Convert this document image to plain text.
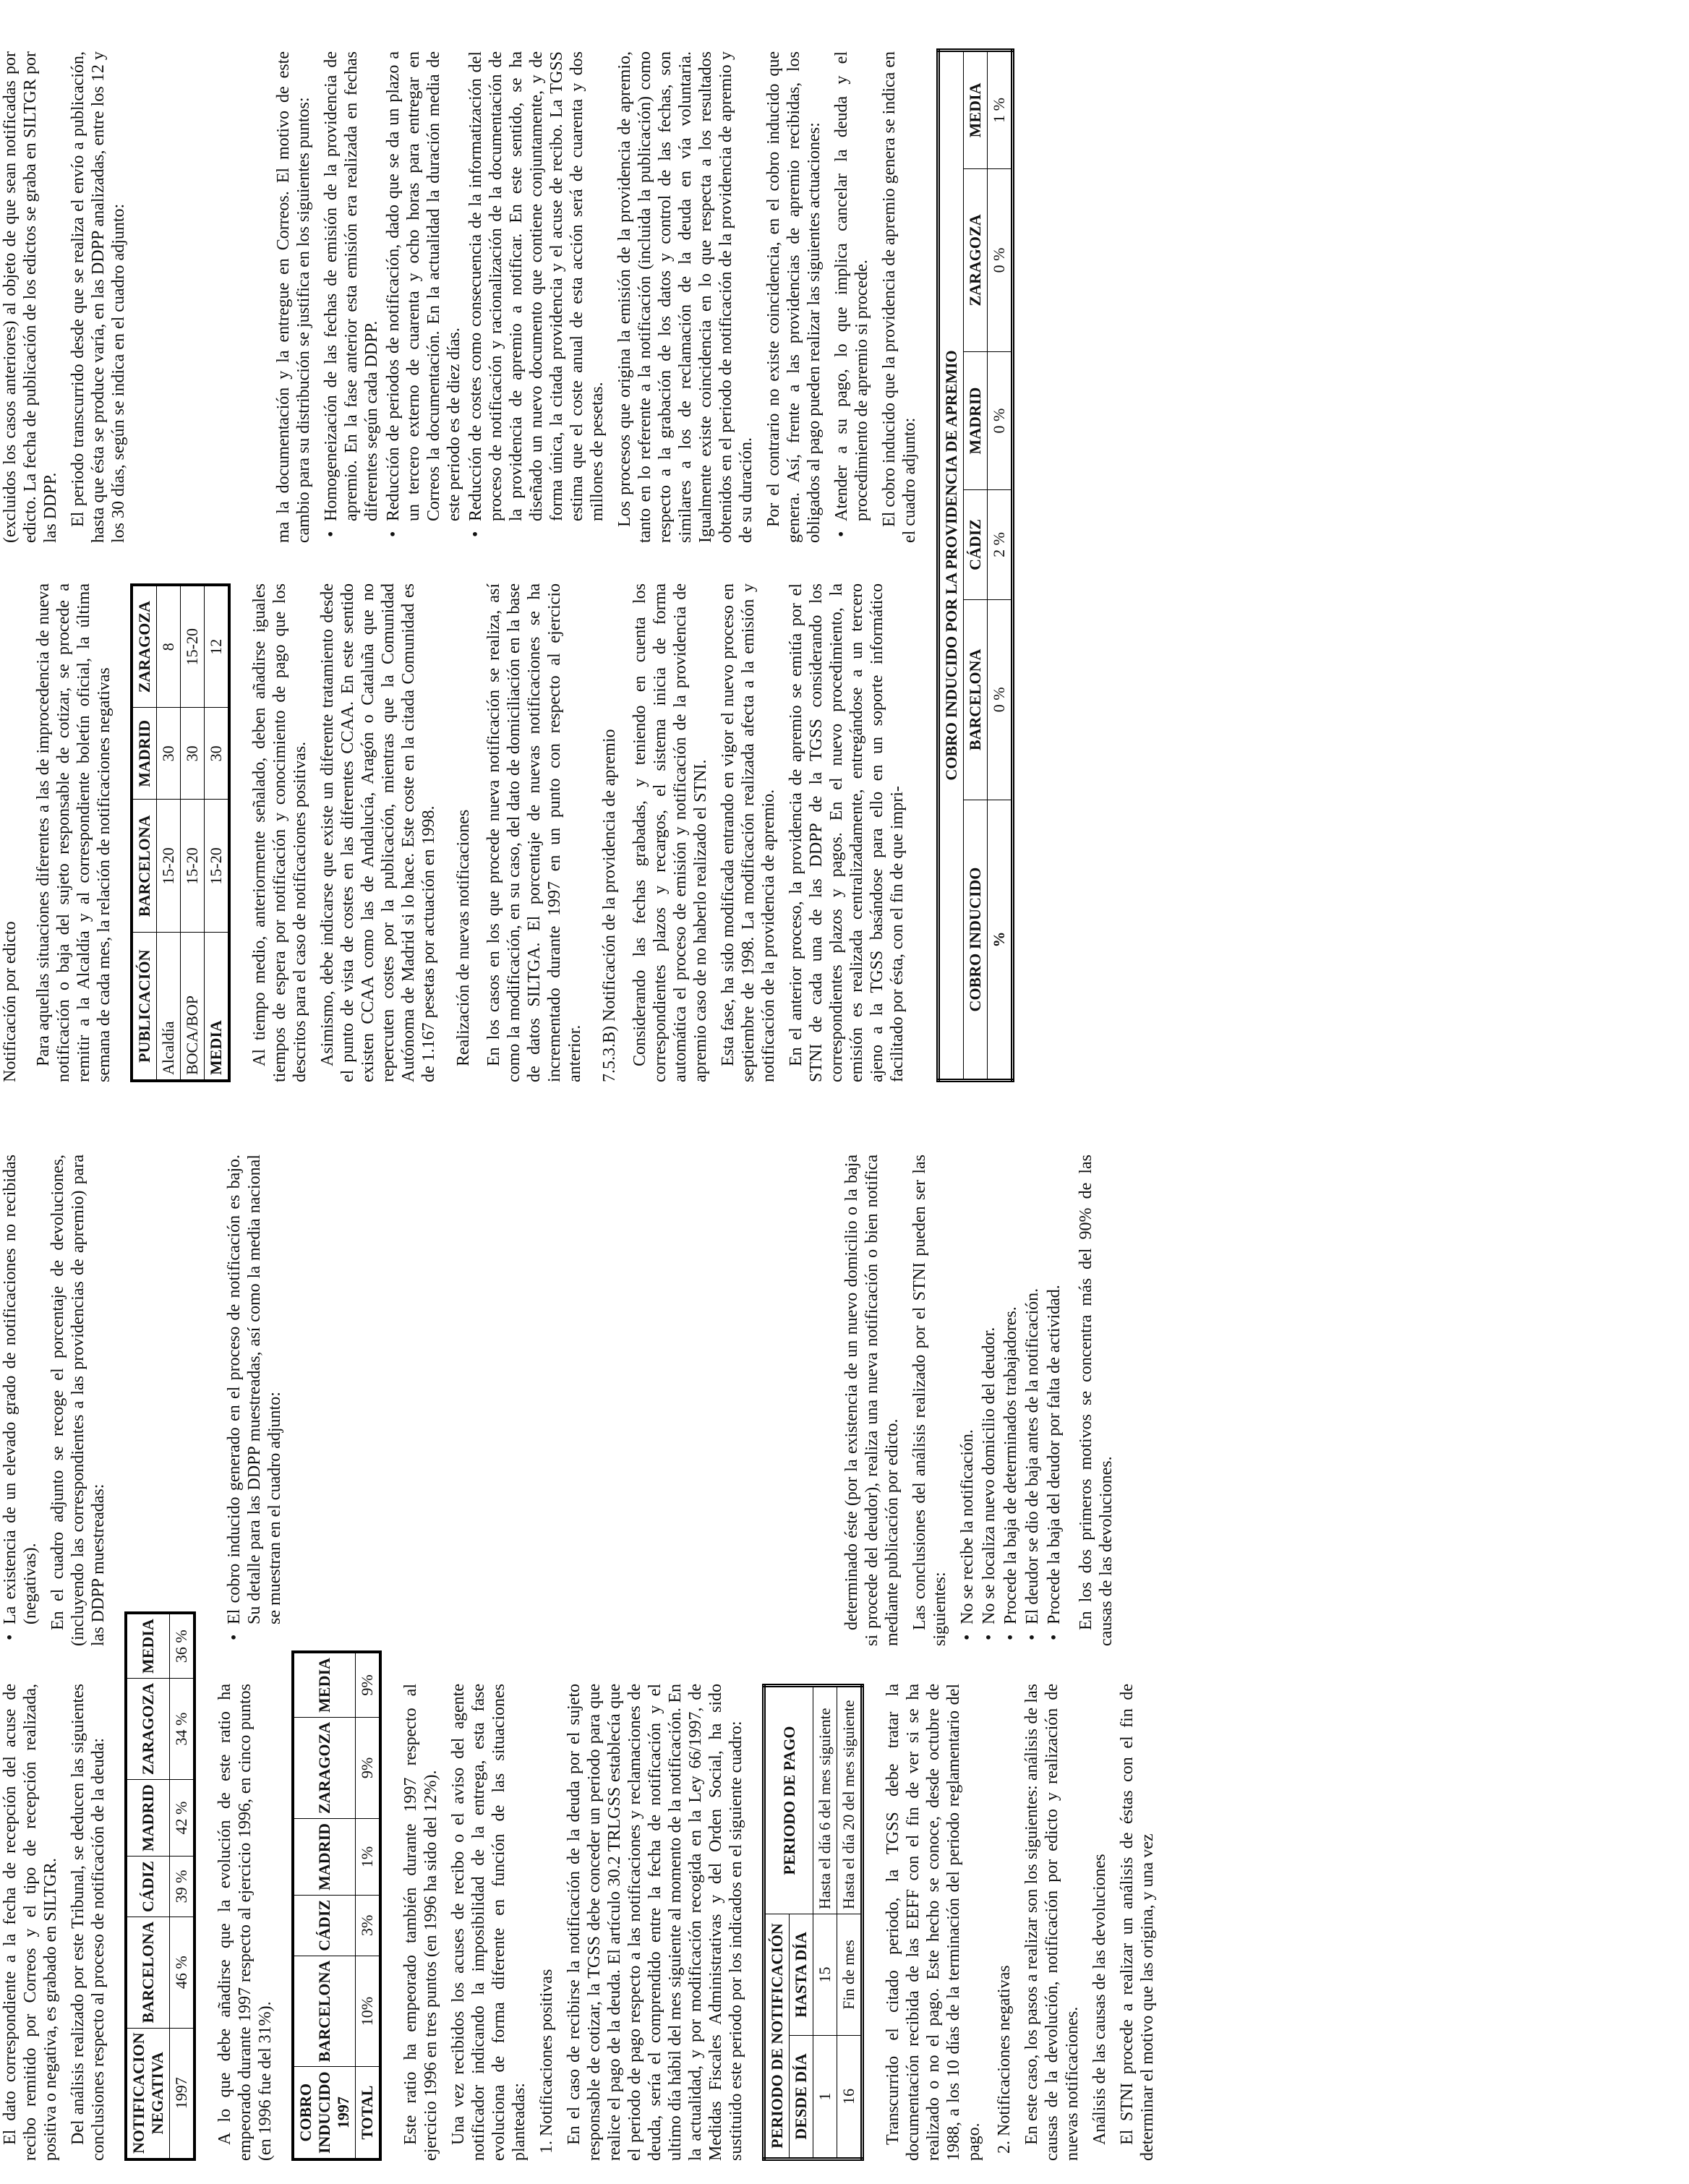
El dato correspondiente a la fecha de recepción del acuse de recibo remitido por Correos y el tipo de recepción realizada, positiva o negativa, es grabado en SILTGR. Del análisis realizado por este Tribunal, se deducen las siguientes conclusiones respecto al proceso de notificación de la deuda: NOTIFICACION NEGATIVA	BARCELONA	CÁDIZ	MADRID	ZARAGOZA	MEDIA
1997	46 %	39 %	42 %	34 %	36 %

A lo que debe añadirse que la evolución de este ratio ha empeorado durante 1997 respecto al ejercicio 1996, en cinco puntos (en 1996 fue del 31%). COBRO INDUCIDO 1997	BARCELONA	CÁDIZ	MADRID	ZARAGOZA	MEDIA
TOTAL	10%	3%	1%	9%	9% Este ratio ha empeorado también durante 1997 respecto al ejercicio 1996 en tres puntos (en 1996 ha sido del 12%). Una vez recibidos los acuses de recibo o el aviso del agente notificador indicando la imposibilidad de la entrega, esta fase evoluciona de forma diferente en función de las situaciones planteadas: 1. Notificaciones positivas En el caso de recibirse la notificación de la deuda por el sujeto responsable de cotizar, la TGSS debe conceder un periodo para que realice el pago de la deuda. El artículo 30.2 TRLGSS establecía que el periodo de pago respecto a las notificaciones y reclamaciones de deuda, sería el comprendido entre la fecha de notificación y el ultimo día hábil del mes siguiente al momento de la notificación. En la actualidad, y por modificación recogida en la Ley 66/1997, de Medidas Fiscales Administrativas y del Orden Social, ha sido sustituido este periodo por los indicados en el siguiente cuadro: PERIODO DE NOTIFICACIÓN		PERIODO DE PAGO
DESDE DÍA	HASTA DÍA	
1	15	Hasta el día 6 del mes siguiente
16	Fin de mes	Hasta el día 20 del mes siguiente Transcurrido el citado periodo, la TGSS debe tratar la documentación recibida de las EEFF con el fin de ver si se ha realizado o no el pago. Este hecho se conoce, desde octubre de 1988, a los 10 días de la terminación del periodo reglamentario del pago. 2. Notificaciones negativas En este caso, los pasos a realizar son los siguientes: análisis de las causas de la devolución, notificación por edicto y realización de nuevas notificaciones. Análisis de las causas de las devoluciones El STNI procede a realizar un análisis de éstas con el fin de determinar el motivo que las origina, y una vez

•
La existencia de un elevado grado de notificaciones no recibidas (negativas). En el cuadro adjunto se recoge el porcentaje de devoluciones, (incluyendo las correspondientes a las providencias de apremio) para las DDPP muestreadas:	•
El cobro inducido generado en el proceso de notificación es bajo. Su detalle para las DDPP muestreadas, así como la media nacional se muestran en el cuadro adjunto:	determinado éste (por la existencia de un nuevo domicilio o la baja si procede del deudor), realiza una nueva notificación o bien notifica mediante publicación por edicto. Las conclusiones del análisis realizado por el STNI pueden ser las siguientes: •
No se recibe la notificación.
•
No se localiza nuevo domicilio del deudor.
•
Procede la baja de determinados trabajadores.
•
El deudor se dio de baja antes de la notificación.
•
Procede la baja del deudor por falta de actividad. En los dos primeros motivos se concentra más del 90% de las causas de las devoluciones.

Notificación por edicto Para aquellas situaciones diferentes a las de improcedencia de nueva notificación o baja del sujeto responsable de cotizar, se procede a remitir a la Alcaldía y al correspondiente boletín oficial, la última semana de cada mes, la relación de notificaciones negativas PUBLICACIÓN	BARCELONA	MADRID	ZARAGOZA
Alcaldía	15-20	30	8
BOCA/BOP	15-20	30	15-20
MEDIA	15-20	30	12 Al tiempo medio, anteriormente señalado, deben añadirse iguales tiempos de espera por notificación y conocimiento de pago que los descritos para el caso de notificaciones positivas. Asimismo, debe indicarse que existe un diferente tratamiento desde el punto de vista de costes en las diferentes CCAA. En este sentido existen CCAA como las de Andalucía, Aragón o Cataluña que no repercuten costes por la publicación, mientras que la Comunidad Autónoma de Madrid si lo hace. Este coste en la citada Comunidad es de 1.167 pesetas por actuación en 1998. Realización de nuevas notificaciones En los casos en los que procede nueva notificación se realiza, así como la modificación, en su caso, del dato de domiciliación en la base de datos SILTGA. El porcentaje de nuevas notificaciones se ha incrementado durante 1997 en un punto con respecto al ejercicio anterior. 7.5.3.B) Notificación de la providencia de apremio Considerando las fechas grabadas, y teniendo en cuenta los correspondientes plazos y recargos, el sistema inicia de forma automática el proceso de emisión y notificación de la providencia de apremio caso de no haberlo realizado el STNI. Esta fase, ha sido modificada entrando en vigor el nuevo proceso en septiembre de 1998. La modificación realizada afecta a la emisión y notificación de la providencia de apremio. En el anterior proceso, la providencia de apremio se emitía por el STNI de cada una de las DDPP de la TGSS considerando los correspondientes plazos y pagos. En el nuevo procedimiento, la emisión es realizada centralizadamente, entregándose a un tercero ajeno a la TGSS basándose para ello en un soporte informático facilitado por ésta, con el fin de que impri-

COBRO INDUCIDO POR LA PROVIDENCIA DE APREMIO					
COBRO INDUCIDO	BARCELONA	CÁDIZ	MADRID	ZARAGOZA	MEDIA
%	0 %	2 %	0 %	0 %	1 %

(excluidos los casos anteriores) al objeto de que sean notificadas por edicto. La fecha de publicación de los edictos se graba en SILTGR por las DDPP. El periodo transcurrido desde que se realiza el envío a publicación, hasta que ésta se produce varía, en las DDPP analizadas, entre los 12 y los 30 días, según se indica en el cuadro adjunto:	ma la documentación y la entregue en Correos. El motivo de este cambio para su distribución se justifica en los siguientes puntos: •
Homogeneización de las fechas de emisión de la providencia de apremio. En la fase anterior esta emisión era realizada en fechas diferentes según cada DDPP.
•
Reducción de periodos de notificación, dado que se da un plazo a un tercero externo de cuarenta y ocho horas para entregar en Correos la documentación. En la actualidad la duración media de este periodo es de diez días.
•
Reducción de costes como consecuencia de la informatización del proceso de notificación y racionalización de la documentación de la providencia de apremio a notificar. En este sentido, se ha diseñado un nuevo documento que contiene conjuntamente, y de forma única, la citada providencia y el acuse de recibo. La TGSS estima que el coste anual de esta acción será de cuarenta y dos millones de pesetas. Los procesos que origina la emisión de la providencia de apremio, tanto en lo referente a la notificación (incluida la publicación) como respecto a la grabación de los datos y control de las fechas, son similares a los de reclamación de la deuda en vía voluntaria. Igualmente existe coincidencia en lo que respecta a los resultados obtenidos en el periodo de notificación de la providencia de apremio y de su duración. Por el contrario no existe coincidencia, en el cobro inducido que genera. Así, frente a las providencias de apremio recibidas, los obligados al pago pueden realizar las siguientes actuaciones: •
Atender a su pago, lo que implica cancelar la deuda y el procedimiento de apremio si procede. El cobro inducido que la providencia de apremio genera se indica en el cuadro adjunto:
